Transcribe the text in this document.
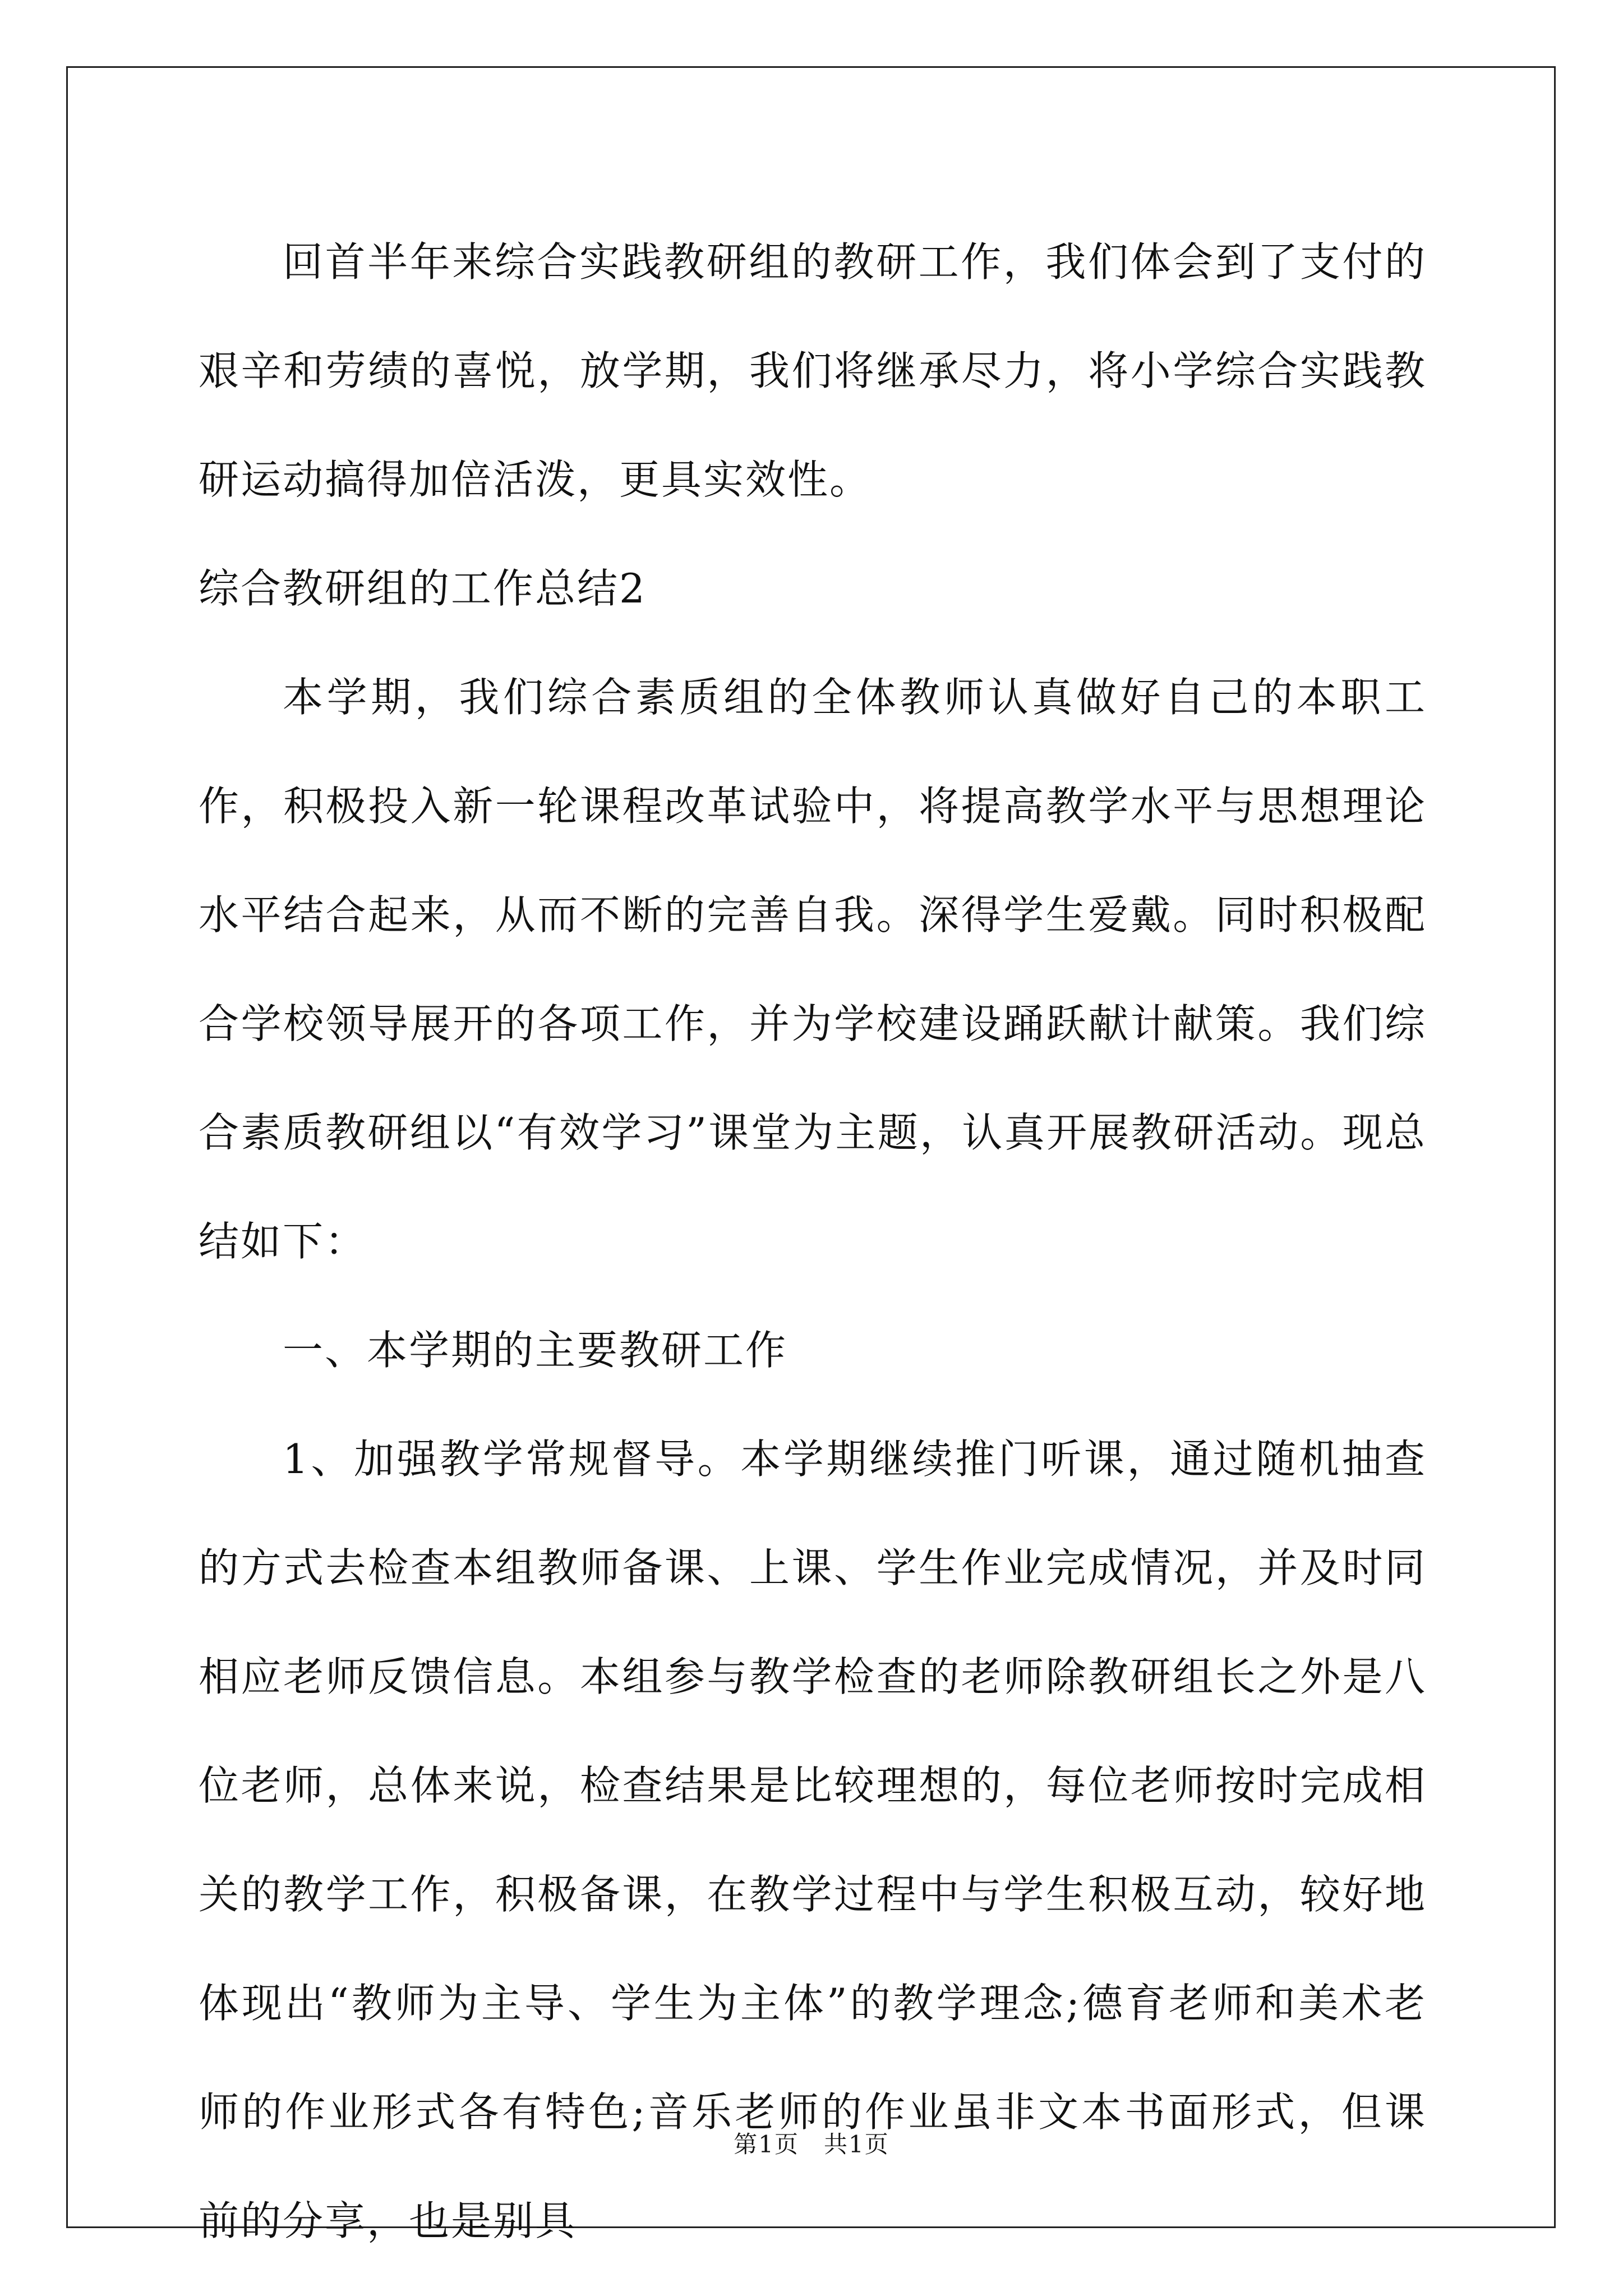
回首半年来综合实践教研组的教研工作，我们体会到了支付的艰辛和劳绩的喜悦，放学期，我们将继承尽力，将小学综合实践教研运动搞得加倍活泼，更具实效性。

综合教研组的工作总结2

本学期，我们综合素质组的全体教师认真做好自己的本职工作，积极投入新一轮课程改革试验中，将提高教学水平与思想理论水平结合起来，从而不断的完善自我。深得学生爱戴。同时积极配合学校领导展开的各项工作，并为学校建设踊跃献计献策。我们综合素质教研组以“有效学习”课堂为主题，认真开展教研活动。现总结如下：

一、本学期的主要教研工作

1、加强教学常规督导。本学期继续推门听课，通过随机抽查的方式去检查本组教师备课、上课、学生作业完成情况，并及时同相应老师反馈信息。本组参与教学检查的老师除教研组长之外是八位老师，总体来说，检查结果是比较理想的，每位老师按时完成相关的教学工作，积极备课，在教学过程中与学生积极互动，较好地体现出“教师为主导、学生为主体”的教学理念;德育老师和美术老师的作业形式各有特色;音乐老师的作业虽非文本书面形式，但课前的分享，也是别具

第1页　共1页
